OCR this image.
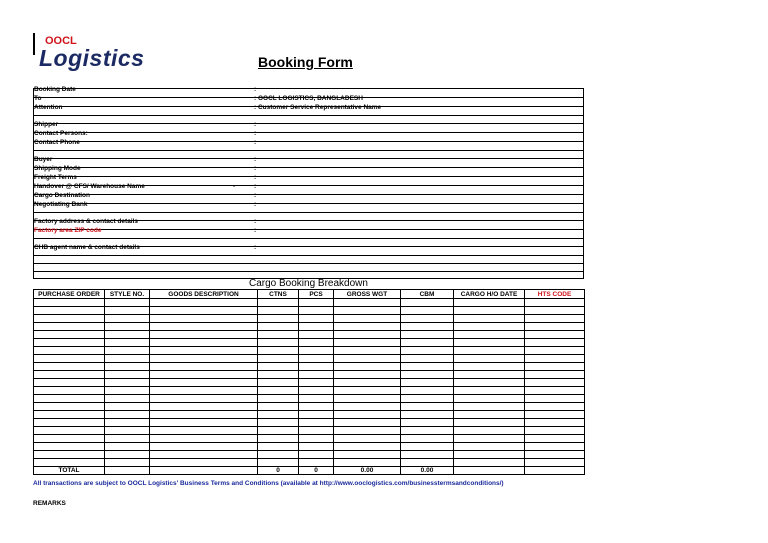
OOCL
Logistics	Booking Form
Booking Date	:
To	: OOCL LOGISTICS, BANGLADESH
Attention	: Customer Service Representative Name
Shipper	:
Contact Persons:	:
Contact Phone	:
Buyer	:
Shipping Mode	:
Freight Terms	:
Handover @ CFS/ Warehouse Name	:
-
Cargo Destination	:
Negotiating Bank	:
Factory address & contact details	:
Factory area ZIP code	:
CHB agent name & contact details	:
Cargo Booking Breakdown
PURCHASE ORDER	STYLE NO.	GOODS DESCRIPTION	CTNS	PCS	GROSS WGT	CBM	CARGO H/O DATE	HTS CODE

TOTAL			0	0	0.00	0.00		
All transactions are subject to OOCL Logistics' Business Terms and Conditions (available at http://www.ooclogistics.com/businesstermsandconditions/)
REMARKS
